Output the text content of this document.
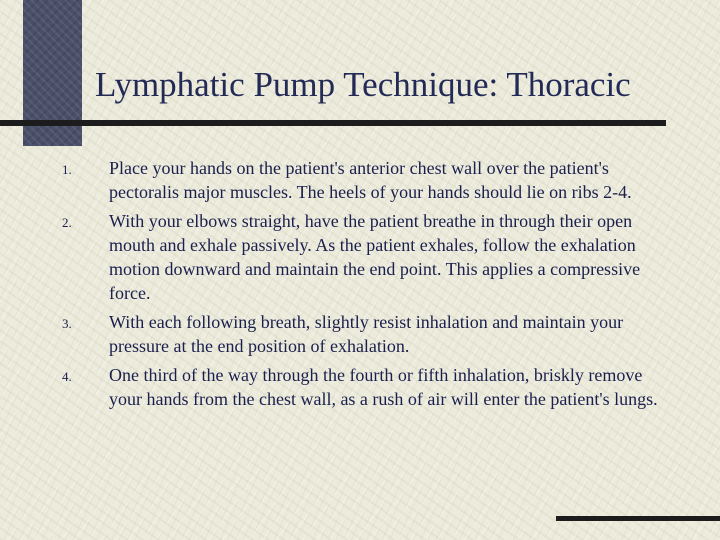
Lymphatic Pump Technique: Thoracic
1.	Place your hands on the patient's anterior chest wall over the patient's pectoralis major muscles. The heels of your hands should lie on ribs 2-4.
2.	With your elbows straight, have the patient breathe in through their open mouth and exhale passively. As the patient exhales, follow the exhalation motion downward and maintain the end point. This applies a compressive force.
3.	With each following breath, slightly resist inhalation and maintain your pressure at the end position of exhalation.
4.	One third of the way through the fourth or fifth inhalation, briskly remove your hands from the chest wall, as a rush of air will enter the patient's lungs.
